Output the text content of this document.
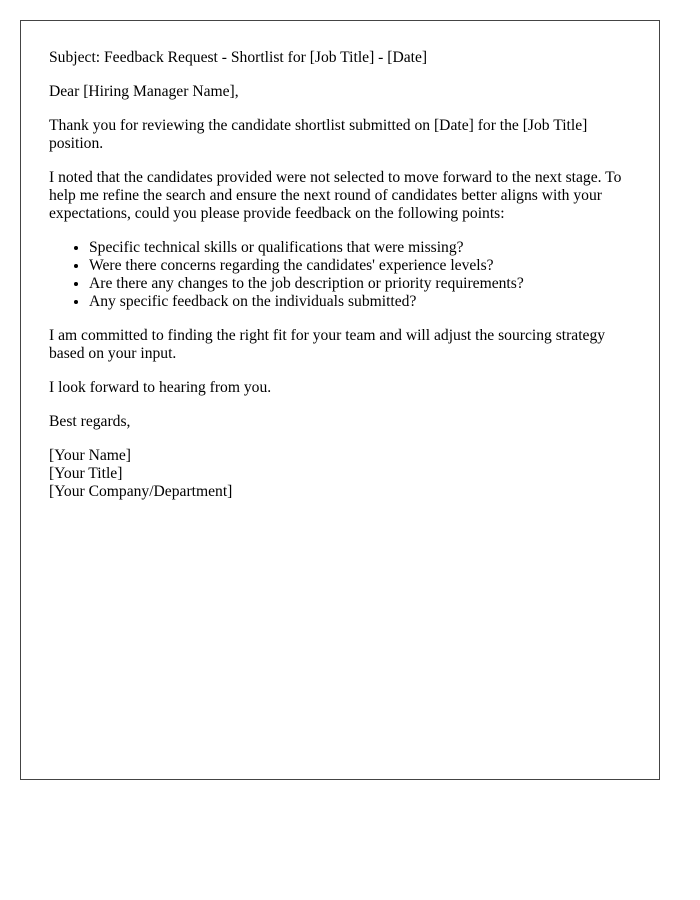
Subject: Feedback Request - Shortlist for [Job Title] - [Date]

Dear [Hiring Manager Name],

Thank you for reviewing the candidate shortlist submitted on [Date] for the [Job Title] position.

I noted that the candidates provided were not selected to move forward to the next stage. To help me refine the search and ensure the next round of candidates better aligns with your expectations, could you please provide feedback on the following points:

• Specific technical skills or qualifications that were missing?
• Were there concerns regarding the candidates' experience levels?
• Are there any changes to the job description or priority requirements?
• Any specific feedback on the individuals submitted?

I am committed to finding the right fit for your team and will adjust the sourcing strategy based on your input.

I look forward to hearing from you.

Best regards,

[Your Name]
[Your Title]
[Your Company/Department]
